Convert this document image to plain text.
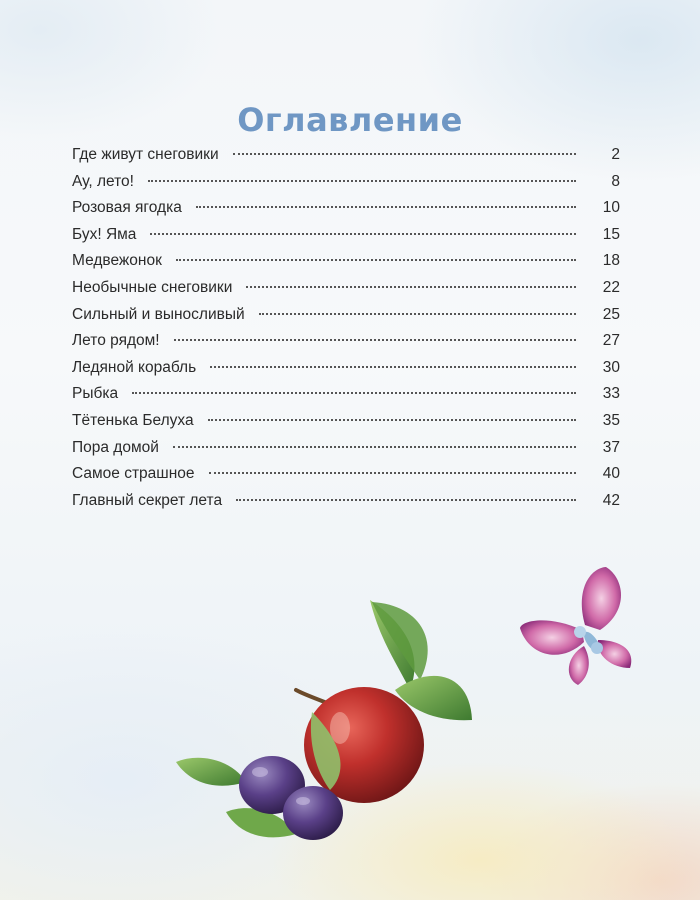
Оглавление
Где живут снеговики	2
Ау, лето!	8
Розовая ягодка	10
Бух! Яма	15
Медвежонок	18
Необычные снеговики	22
Сильный и выносливый	25
Лето рядом!	27
Ледяной корабль	30
Рыбка	33
Тётенька Белуха	35
Пора домой	37
Самое страшное	40
Главный секрет лета	42
